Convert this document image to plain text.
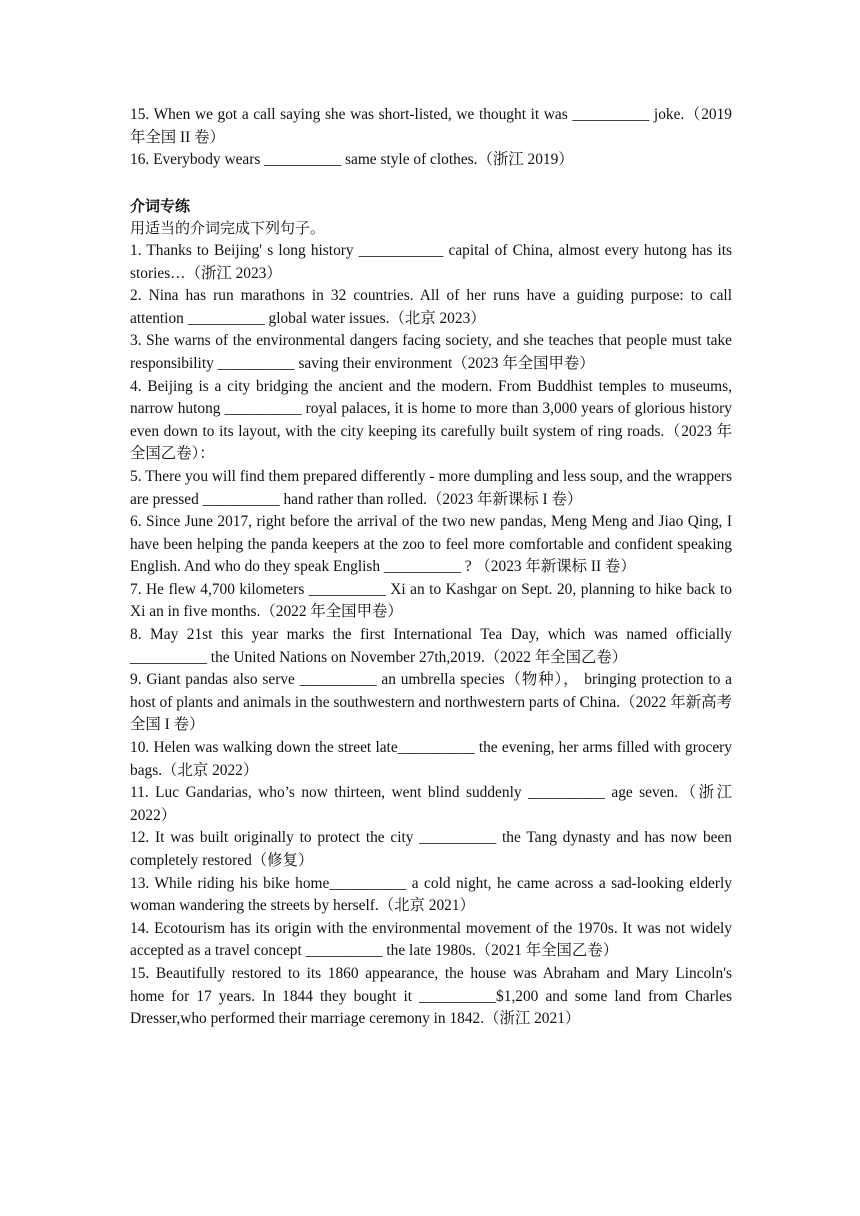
15. When we got a call saying she was short-listed, we thought it was __________ joke.（2019 年全国 II 卷）

16. Everybody wears __________ same style of clothes.（浙江 2019）

介词专练

用适当的介词完成下列句子。

1. Thanks to Beijing' s long history ___________ capital of China, almost every hutong has its stories…（浙江 2023）

2. Nina has run marathons in 32 countries. All of her runs have a guiding purpose: to call attention __________ global water issues.（北京 2023）

3. She warns of the environmental dangers facing society, and she teaches that people must take responsibility __________ saving their environment（2023 年全国甲卷）

4. Beijing is a city bridging the ancient and the modern. From Buddhist temples to museums, narrow hutong __________ royal palaces, it is home to more than 3,000 years of glorious history even down to its layout, with the city keeping its carefully built system of ring roads.（2023 年全国乙卷）：

5. There you will find them prepared differently - more dumpling and less soup, and the wrappers are pressed __________ hand rather than rolled.（2023 年新课标 I 卷）

6. Since June 2017, right before the arrival of the two new pandas, Meng Meng and Jiao Qing, I have been helping the panda keepers at the zoo to feel more comfortable and confident speaking English. And who do they speak English __________ ? （2023 年新课标 II 卷）

7. He flew 4,700 kilometers __________ Xi an to Kashgar on Sept. 20, planning to hike back to Xi an in five months.（2022 年全国甲卷）

8. May 21st this year marks the first International Tea Day, which was named officially __________ the United Nations on November 27th,2019.（2022 年全国乙卷）

9. Giant pandas also serve __________ an umbrella species（物种）， bringing protection to a host of plants and animals in the southwestern and northwestern parts of China.（2022 年新高考全国 I 卷）

10. Helen was walking down the street late__________ the evening, her arms filled with grocery bags.（北京 2022）

11. Luc Gandarias, who’s now thirteen, went blind suddenly __________ age seven.（浙江 2022）

12. It was built originally to protect the city __________ the Tang dynasty and has now been completely restored（修复）

13. While riding his bike home__________ a cold night, he came across a sad-looking elderly woman wandering the streets by herself.（北京 2021）

14. Ecotourism has its origin with the environmental movement of the 1970s. It was not widely accepted as a travel concept __________ the late 1980s.（2021 年全国乙卷）

15. Beautifully restored to its 1860 appearance, the house was Abraham and Mary Lincoln's home for 17 years. In 1844 they bought it __________$1,200 and some land from Charles Dresser,who performed their marriage ceremony in 1842.（浙江 2021）
